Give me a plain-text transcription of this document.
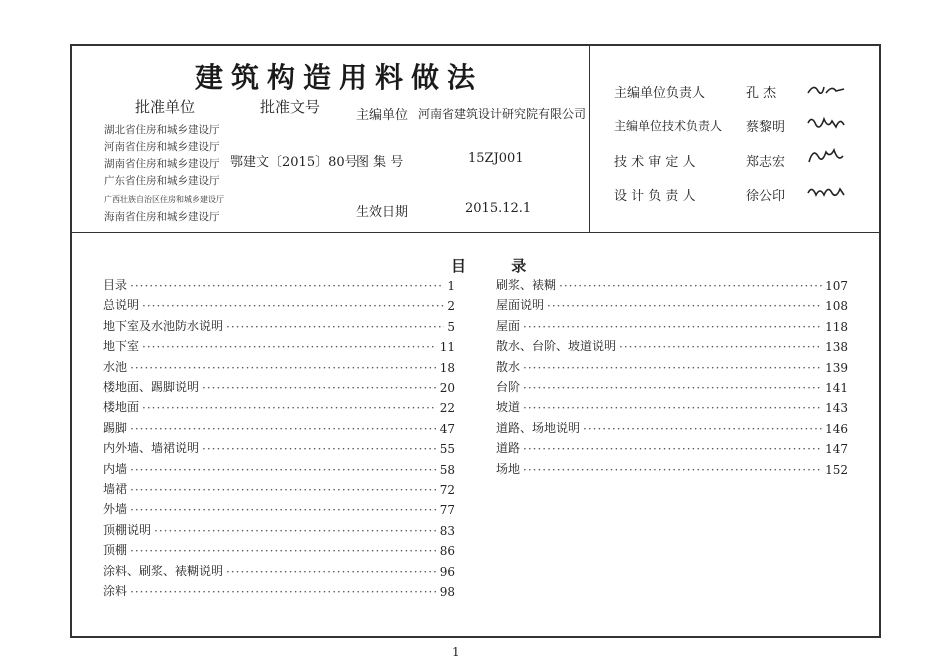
建筑构造用料做法
批准单位	批准文号
湖北省住房和城乡建设厅
河南省住房和城乡建设厅
湖南省住房和城乡建设厅
广东省住房和城乡建设厅
广西壮族自治区住房和城乡建设厅
海南省住房和城乡建设厅
鄂建文〔2015〕80号
主编单位 河南省建筑设计研究院有限公司
图 集 号	15ZJ001
生效日期	2015.12.1
主编单位负责人	孔 杰
主编单位技术负责人 蔡黎明
技 术 审 定 人	郑志宏
设 计 负 责 人	徐公印
目 录
目录 ·····	1
总说明 ·····	2
地下室及水池防水说明 ·····	5
地下室 ·····	11
水池 ·····	18
楼地面、踢脚说明 ·····	20
楼地面 ·····	22
踢脚 ·····	47
内外墙、墙裙说明 ·····	55
内墙 ·····	58
墙裙 ·····	72
外墙 ·····	77
顶棚说明 ·····	83
顶棚 ·····	86
涂料、刷浆、裱糊说明 ·····	96
涂料 ·····	98
刷浆、裱糊 ·····	107
屋面说明 ·····	108
屋面 ·····	118
散水、台阶、坡道说明 ·····	138
散水 ·····	139
台阶 ·····	141
坡道 ·····	143
道路、场地说明 ·····	146
道路 ·····	147
场地 ·····	152
1
